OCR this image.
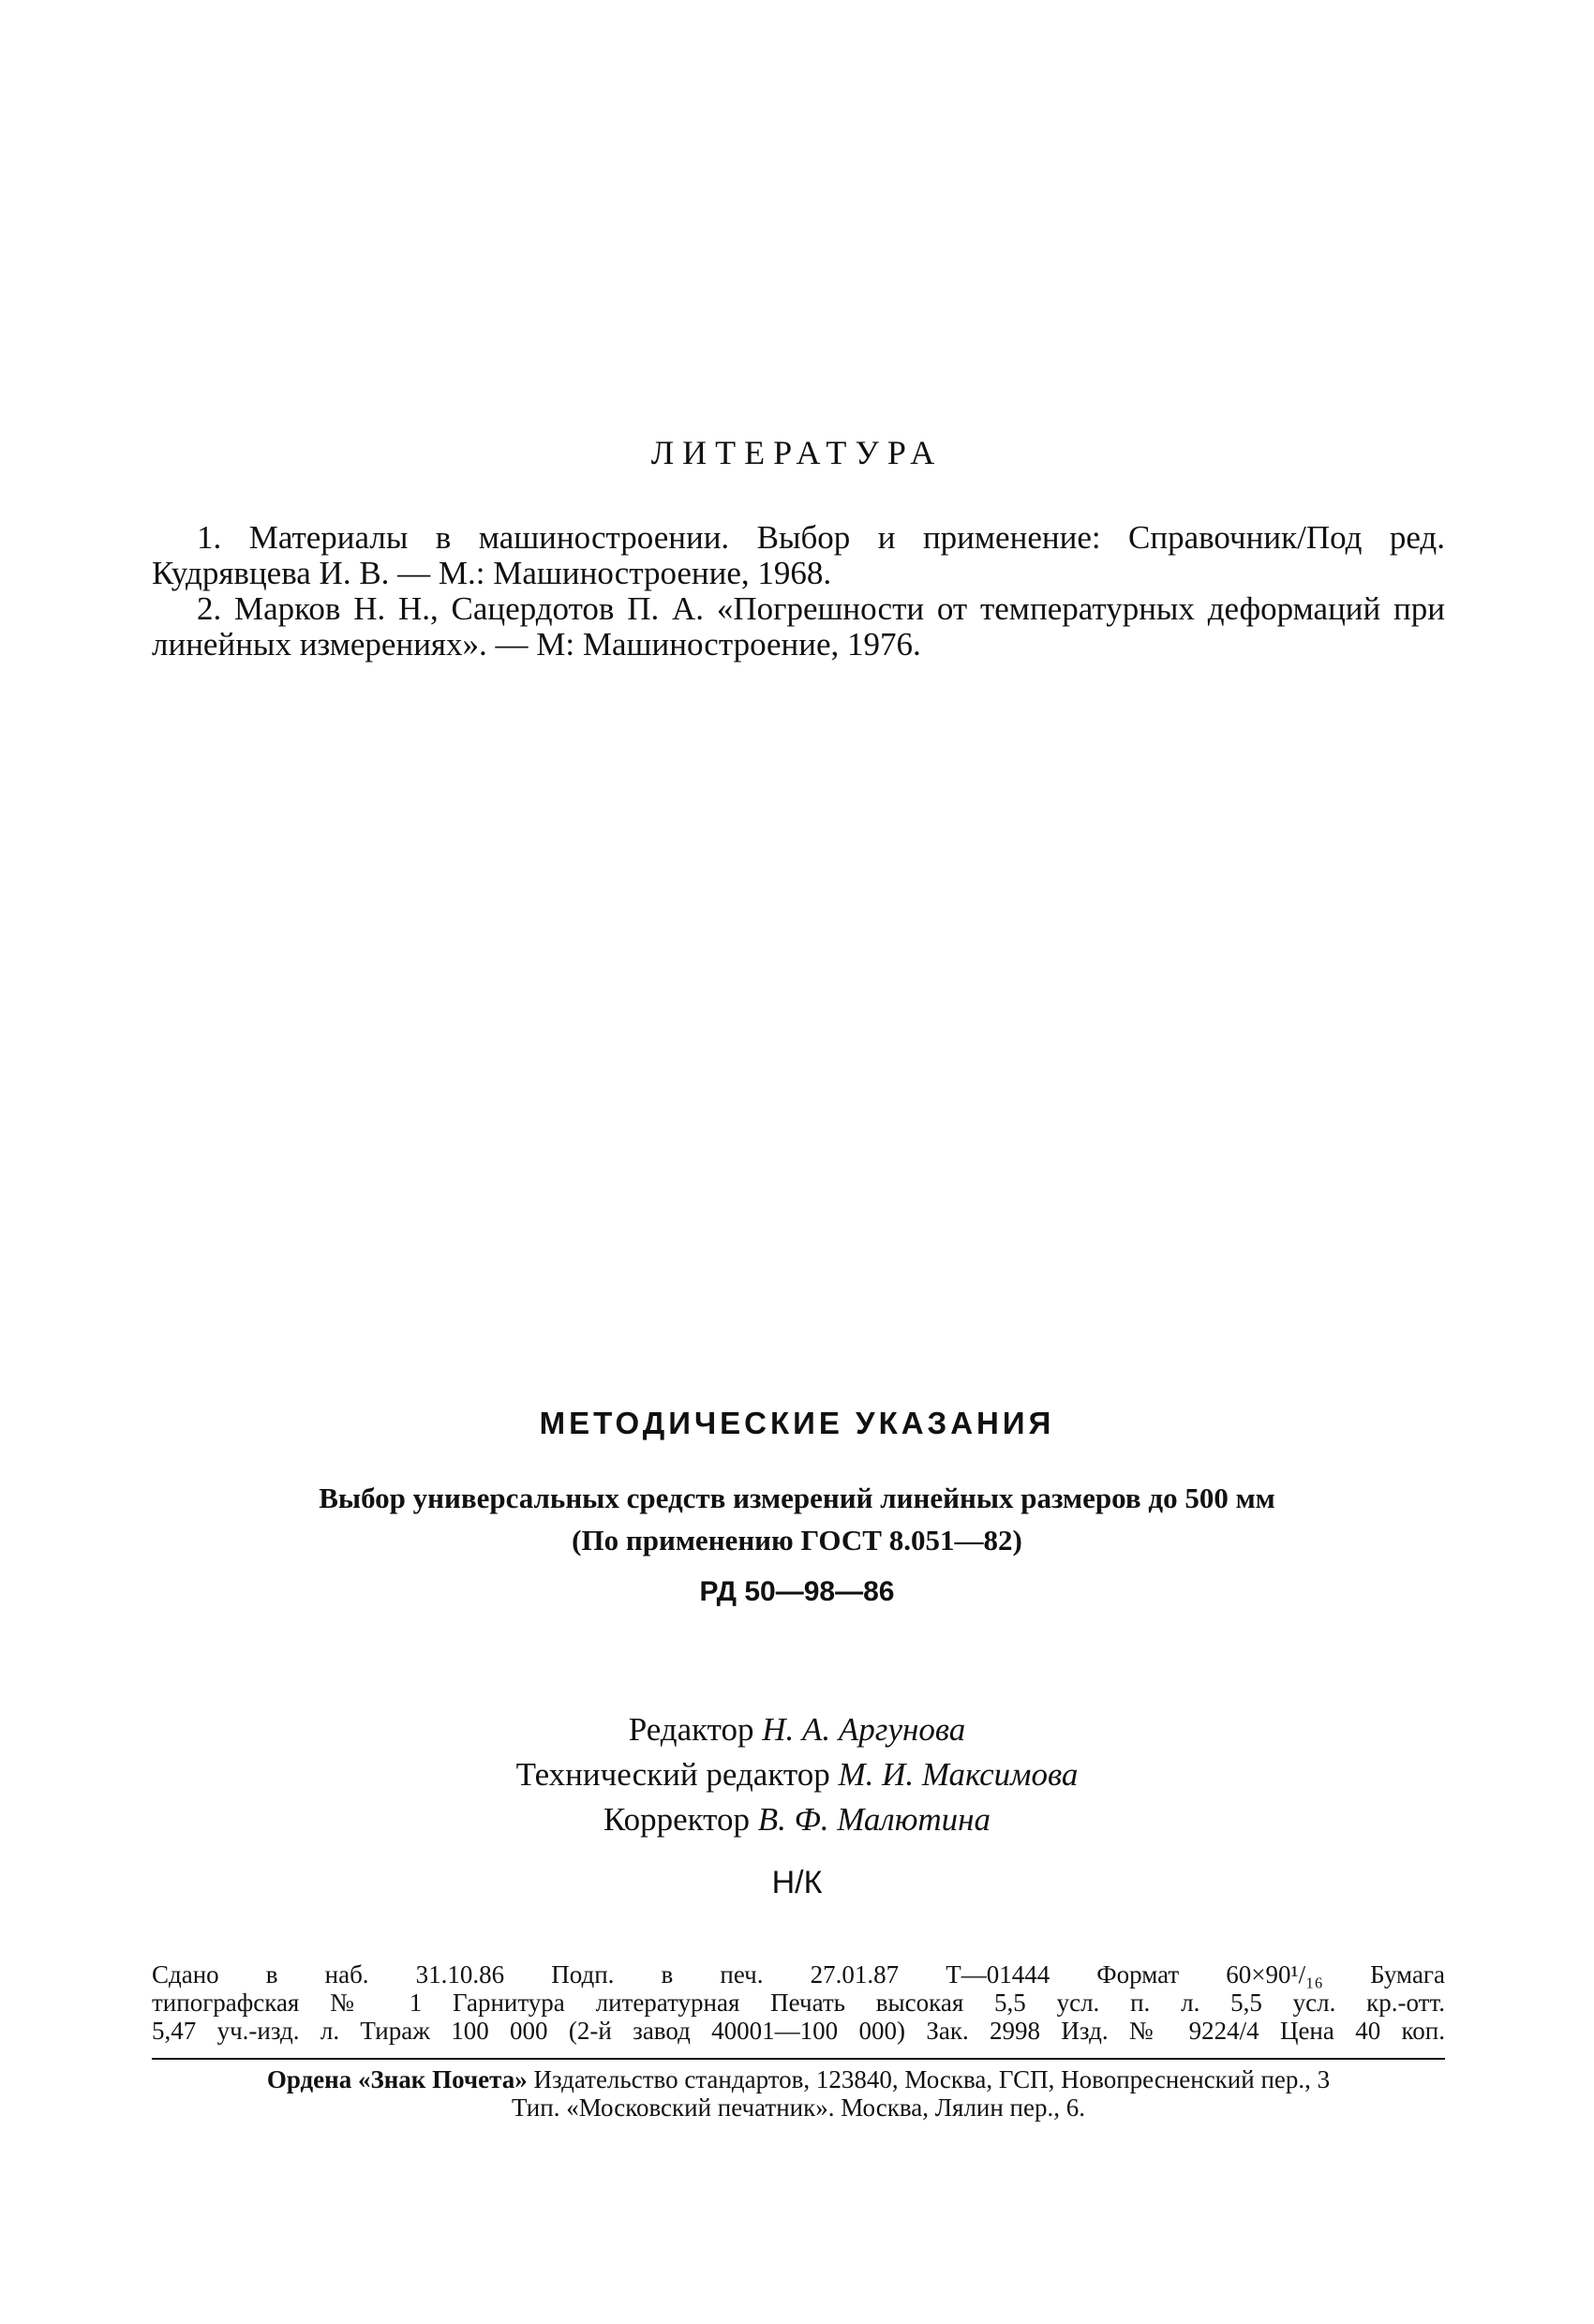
ЛИТЕРАТУРА
1. Материалы в машиностроении. Выбор и применение: Справочник/Под ред. Кудрявцева И. В. — М.: Машиностроение, 1968.
2. Марков Н. Н., Сацердотов П. А. «Погрешности от температурных деформаций при линейных измерениях». — М: Машиностроение, 1976.
МЕТОДИЧЕСКИЕ УКАЗАНИЯ
Выбор универсальных средств измерений линейных размеров до 500 мм
(По применению ГОСТ 8.051—82)
РД 50—98—86
Редактор Н. А. Аргунова
Технический редактор М. И. Максимова
Корректор В. Ф. Малютина
Н/К
Сдано в наб. 31.10.86 Подп. в печ. 27.01.87 Т—01444 Формат 60×90¹/₁₆ Бумага
типографская № 1 Гарнитура литературная Печать высокая 5,5 усл. п. л. 5,5 усл. кр.-отт.
5,47 уч.-изд. л. Тираж 100 000 (2-й завод 40001—100 000) Зак. 2998 Изд. № 9224/4 Цена 40 коп.
Ордена «Знак Почета» Издательство стандартов, 123840, Москва, ГСП, Новопресненский пер., 3
Тип. «Московский печатник». Москва, Лялин пер., 6.
